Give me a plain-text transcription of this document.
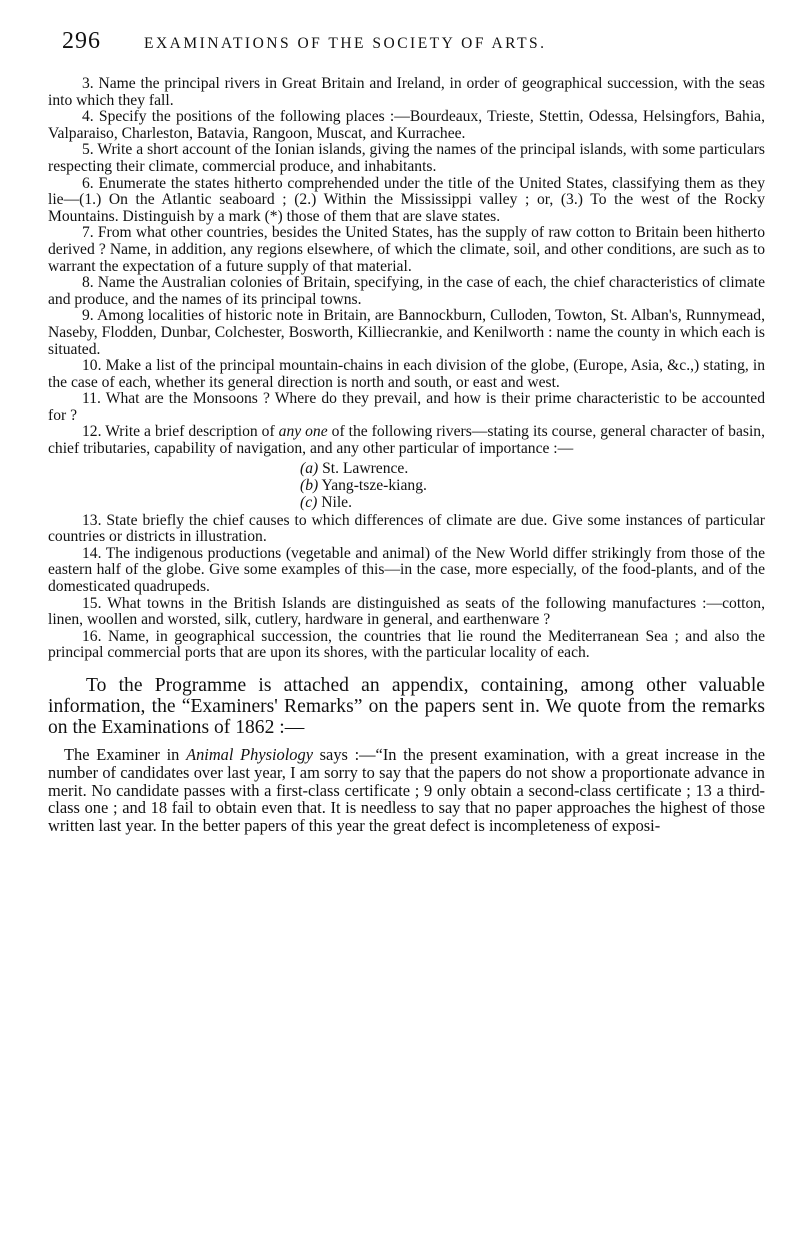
296	EXAMINATIONS OF THE SOCIETY OF ARTS.

3. Name the principal rivers in Great Britain and Ireland, in order of geographical succession, with the seas into which they fall.

4. Specify the positions of the following places :—Bourdeaux, Trieste, Stettin, Odessa, Helsingfors, Bahia, Valparaiso, Charleston, Batavia, Rangoon, Muscat, and Kurrachee.

5. Write a short account of the Ionian islands, giving the names of the principal islands, with some particulars respecting their climate, commercial produce, and inhabitants.

6. Enumerate the states hitherto comprehended under the title of the United States, classifying them as they lie—(1.) On the Atlantic seaboard ; (2.) Within the Mississippi valley ; or, (3.) To the west of the Rocky Mountains. Distinguish by a mark (*) those of them that are slave states.

7. From what other countries, besides the United States, has the supply of raw cotton to Britain been hitherto derived ? Name, in addition, any regions elsewhere, of which the climate, soil, and other conditions, are such as to warrant the expectation of a future supply of that material.

8. Name the Australian colonies of Britain, specifying, in the case of each, the chief characteristics of climate and produce, and the names of its principal towns.

9. Among localities of historic note in Britain, are Bannockburn, Culloden, Towton, St. Alban's, Runnymead, Naseby, Flodden, Dunbar, Colchester, Bosworth, Killiecrankie, and Kenilworth : name the county in which each is situated.

10. Make a list of the principal mountain-chains in each division of the globe, (Europe, Asia, &c.,) stating, in the case of each, whether its general direction is north and south, or east and west.

11. What are the Monsoons ? Where do they prevail, and how is their prime characteristic to be accounted for ?

12. Write a brief description of any one of the following rivers—stating its course, general character of basin, chief tributaries, capability of navigation, and any other particular of importance :—

(a) St. Lawrence.

(b) Yang-tsze-kiang.

(c) Nile.

13. State briefly the chief causes to which differences of climate are due. Give some instances of particular countries or districts in illustration.

14. The indigenous productions (vegetable and animal) of the New World differ strikingly from those of the eastern half of the globe. Give some examples of this—in the case, more especially, of the food-plants, and of the domesticated quadrupeds.

15. What towns in the British Islands are distinguished as seats of the following manufactures :—cotton, linen, woollen and worsted, silk, cutlery, hardware in general, and earthenware ?

16. Name, in geographical succession, the countries that lie round the Mediterranean Sea ; and also the principal commercial ports that are upon its shores, with the particular locality of each.

To the Programme is attached an appendix, containing, among other valuable information, the “Examiners' Remarks” on the papers sent in. We quote from the remarks on the Examinations of 1862 :—

The Examiner in Animal Physiology says :—“In the present examination, with a great increase in the number of candidates over last year, I am sorry to say that the papers do not show a proportionate advance in merit. No candidate passes with a first-class certificate ; 9 only obtain a second-class certificate ; 13 a third-class one ; and 18 fail to obtain even that. It is needless to say that no paper approaches the highest of those written last year. In the better papers of this year the great defect is incompleteness of exposi-
